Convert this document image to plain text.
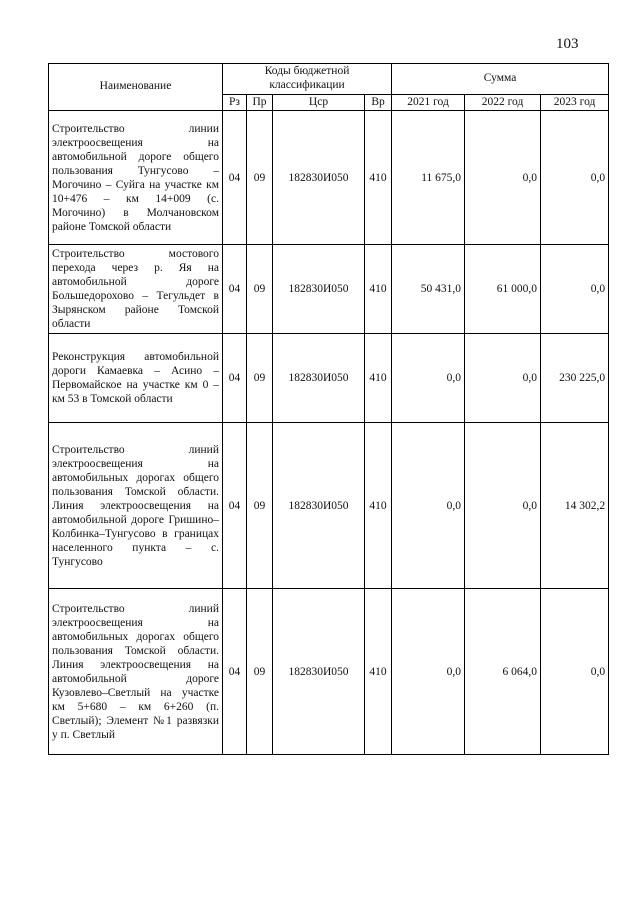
103
Наименование	Коды бюджетной классификации				Сумма		
	Рз	Пр	Цср	Вр	2021 год	2022 год	2023 год
Строительство линии электроосвещения на автомобильной дороге общего пользования Тунгусово – Могочино – Суйга на участке км 10+476 – км 14+009 (с. Могочино) в Молчановском районе Томской области	04	09	182830И050	410	11 675,0	0,0	0,0
Строительство мостового перехода через р. Яя на автомобильной дороге Большедорохово – Тегульдет в Зырянском районе Томской области	04	09	182830И050	410	50 431,0	61 000,0	0,0
Реконструкция автомобильной дороги Камаевка – Асино – Первомайское на участке км 0 – км 53 в Томской области	04	09	182830И050	410	0,0	0,0	230 225,0
Строительство линий электроосвещения на автомобильных дорогах общего пользования Томской области. Линия электроосвещения на автомобильной дороге Гришино–Колбинка–Тунгусово в границах населенного пункта – с. Тунгусово	04	09	182830И050	410	0,0	0,0	14 302,2
Строительство линий электроосвещения на автомобильных дорогах общего пользования Томской области. Линия электроосвещения на автомобильной дороге Кузовлево–Светлый на участке км 5+680 – км 6+260 (п. Светлый); Элемент №1 развязки у п. Светлый	04	09	182830И050	410	0,0	6 064,0	0,0
